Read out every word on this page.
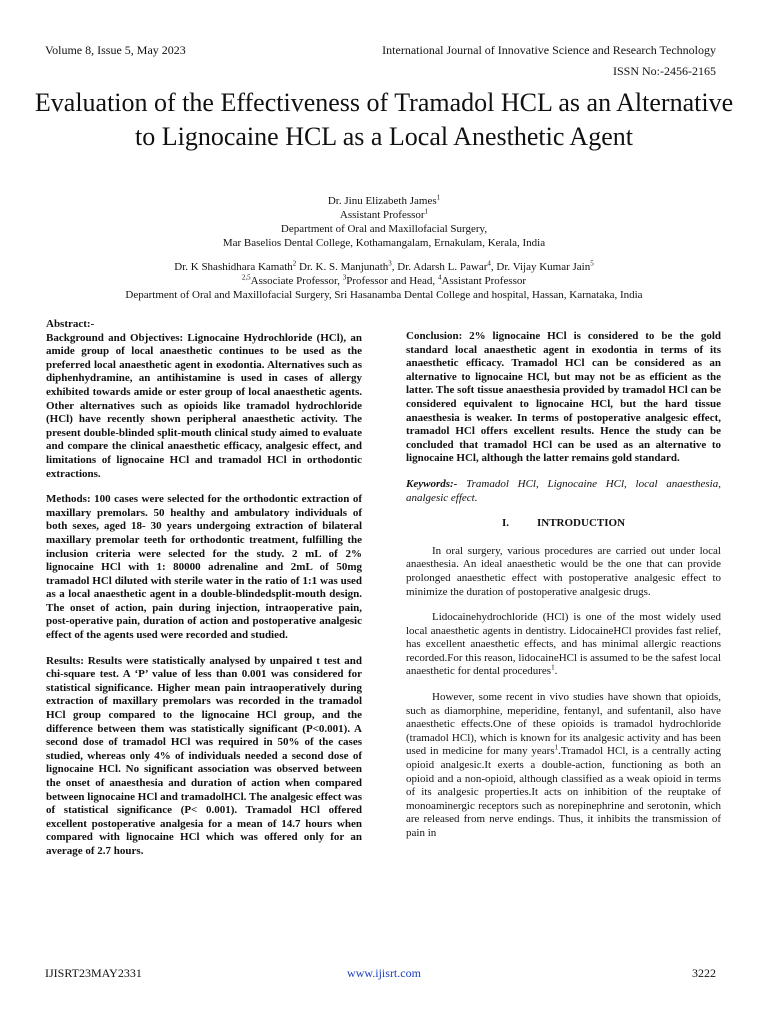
Volume 8, Issue 5, May 2023	International Journal of Innovative Science and Research Technology
ISSN No:-2456-2165
Evaluation of the Effectiveness of Tramadol HCL as an Alternative to Lignocaine HCL as a Local Anesthetic Agent
Dr. Jinu Elizabeth James$^1$
Assistant Professor$^1$
Department of Oral and Maxillofacial Surgery,
Mar Baselios Dental College, Kothamangalam, Ernakulam, Kerala, India
Dr. K Shashidhara Kamath$^2$ Dr. K. S. Manjunath$^3$, Dr. Adarsh L. Pawar$^4$, Dr. Vijay Kumar Jain$^5$
$^{2,5}$Associate Professor, $^3$Professor and Head, $^4$Assistant Professor
Department of Oral and Maxillofacial Surgery, Sri Hasanamba Dental College and hospital, Hassan, Karnataka, India
Abstract:-

Background and Objectives: Lignocaine Hydrochloride (HCl), an amide group of local anaesthetic continues to be used as the preferred local anaesthetic agent in exodontia. Alternatives such as diphenhydramine, an antihistamine is used in cases of allergy exhibited towards amide or ester group of local anaesthetic agents. Other alternatives such as opioids like tramadol hydrochloride (HCl) have recently shown peripheral anaesthetic activity. The present double-blinded split-mouth clinical study aimed to evaluate and compare the clinical anaesthetic efficacy, analgesic effect, and limitations of lignocaine HCl and tramadol HCl in orthodontic extractions.

Methods: 100 cases were selected for the orthodontic extraction of maxillary premolars. 50 healthy and ambulatory individuals of both sexes, aged 18- 30 years undergoing extraction of bilateral maxillary premolar teeth for orthodontic treatment, fulfilling the inclusion criteria were selected for the study. 2 mL of 2% lignocaine HCl with 1: 80000 adrenaline and 2mL of 50mg tramadol HCl diluted with sterile water in the ratio of 1:1 was used as a local anaesthetic agent in a double-blindedsplit-mouth design. The onset of action, pain during injection, intraoperative pain, post-operative pain, duration of action and postoperative analgesic effect of the agents used were recorded and studied.

Results: Results were statistically analysed by unpaired t test and chi-square test. A ‘P’ value of less than 0.001 was considered for statistical significance. Higher mean pain intraoperatively during extraction of maxillary premolars was recorded in the tramadol HCl group compared to the lignocaine HCl group, and the difference between them was statistically significant (P<0.001). A second dose of tramadol HCl was required in 50% of the cases studied, whereas only 4% of individuals needed a second dose of lignocaine HCl. No significant association was observed between the onset of anaesthesia and duration of action when compared between lignocaine HCl and tramadolHCl. The analgesic effect was of statistical significance (P< 0.001). Tramadol HCl offered excellent postoperative analgesia for a mean of 14.7 hours when compared with lignocaine HCl which was offered only for an average of 2.7 hours.

Conclusion: 2% lignocaine HCl is considered to be the gold standard local anaesthetic agent in exodontia in terms of its anaesthetic efficacy. Tramadol HCl can be considered as an alternative to lignocaine HCl, but may not be as efficient as the latter. The soft tissue anaesthesia provided by tramadol HCl can be considered equivalent to lignocaine HCl, but the hard tissue anaesthesia is weaker. In terms of postoperative analgesic effect, tramadol HCl offers excellent results. Hence the study can be concluded that tramadol HCl can be used as an alternative to lignocaine HCl, although the latter remains gold standard.

Keywords:- Tramadol HCl, Lignocaine HCl, local anaesthesia, analgesic effect.

I.	INTRODUCTION

In oral surgery, various procedures are carried out under local anaesthesia. An ideal anaesthetic would be the one that can provide prolonged anaesthetic effect with postoperative analgesic effect to minimize the duration of postoperative analgesic drugs.

Lidocainehydrochloride (HCl) is one of the most widely used local anaesthetic agents in dentistry. LidocaineHCl provides fast relief, has excellent anaesthetic effects, and has minimal allergic reactions recorded.For this reason, lidocaineHCl is assumed to be the safest local anaesthetic for dental procedures$^1$.

However, some recent in vivo studies have shown that opioids, such as diamorphine, meperidine, fentanyl, and sufentanil, also have anaesthetic effects.One of these opioids is tramadol hydrochloride (tramadol HCl), which is known for its analgesic activity and has been used in medicine for many years$^1$.Tramadol HCl, is a centrally acting opioid analgesic.It exerts a double-action, functioning as both an opioid and a non-opioid, although classified as a weak opioid in terms of its analgesic properties.It acts on inhibition of the reuptake of monoaminergic receptors such as norepinephrine and serotonin, which are released from nerve endings. Thus, it inhibits the transmission of pain in

IJISRT23MAY2331	www.ijisrt.com	3222
